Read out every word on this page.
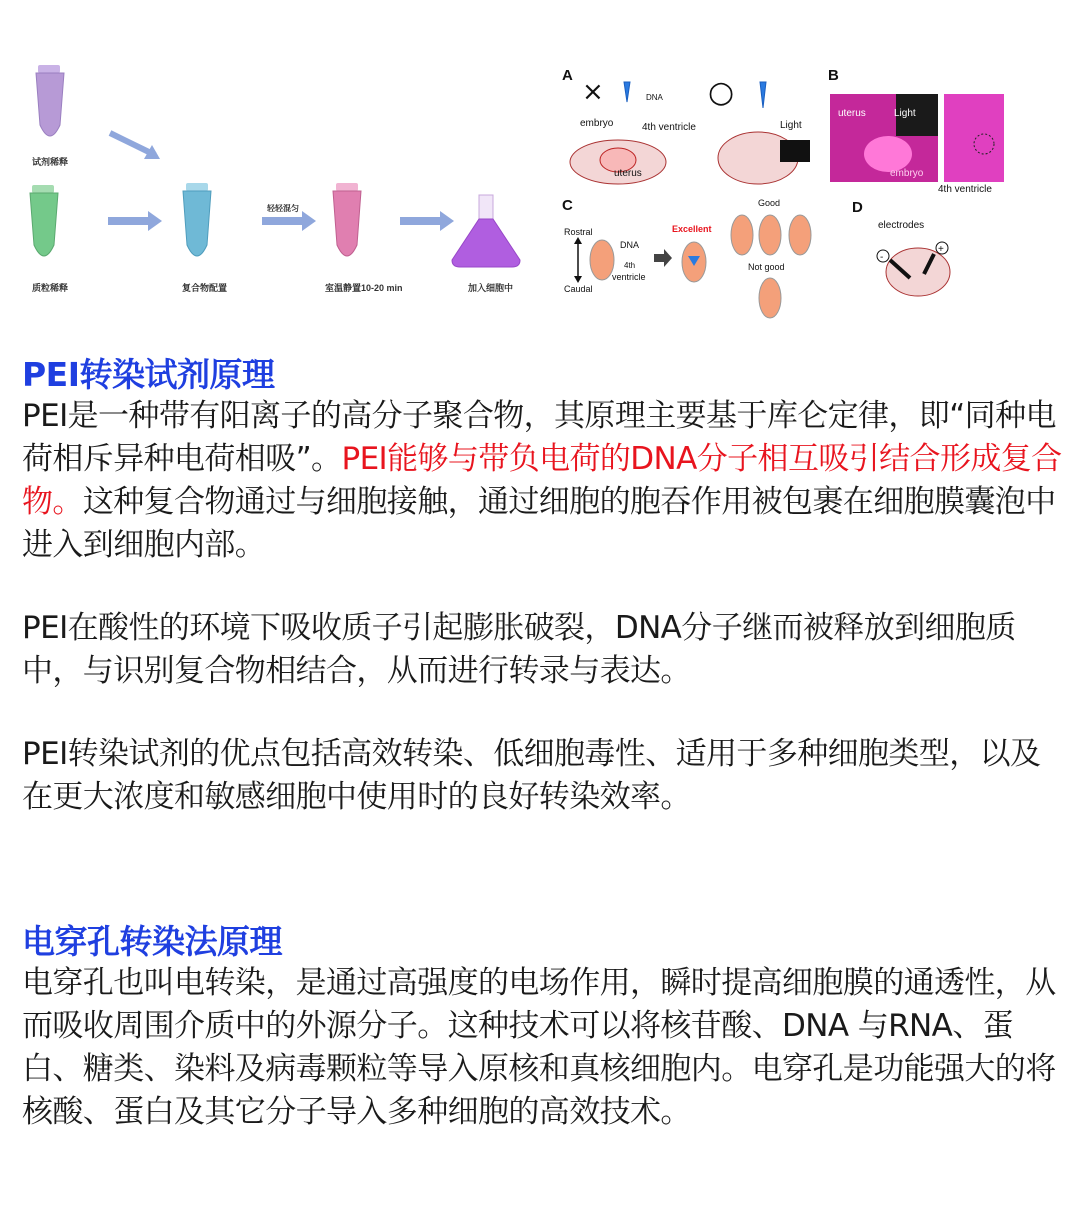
试剂稀释
质粒稀释	复合物配置
轻轻混匀
室温静置10-20 min	加入细胞中
A
×	DNA
embryo	4th ventricle
uterus
○
Light
B
uterus	Light
embryo
4th ventricle
C
Rostral
Caudal
DNA
4th
ventricle
Excellent
Good
Not good
D
electrodes
-
+
PEI转染试剂原理

PEI是一种带有阳离子的高分子聚合物，其原理主要基于库仑定律，即“同种电荷相斥异种电荷相吸”。PEI能够与带负电荷的DNA分子相互吸引结合形成复合物。这种复合物通过与细胞接触，通过细胞的胞吞作用被包裹在细胞膜囊泡中进入到细胞内部。

PEI在酸性的环境下吸收质子引起膨胀破裂，DNA分子继而被释放到细胞质中，与识别复合物相结合，从而进行转录与表达。

PEI转染试剂的优点包括高效转染、低细胞毒性、适用于多种细胞类型，以及在更大浓度和敏感细胞中使用时的良好转染效率。

电穿孔转染法原理

电穿孔也叫电转染，是通过高强度的电场作用，瞬时提高细胞膜的通透性，从而吸收周围介质中的外源分子。这种技术可以将核苷酸、DNA 与RNA、蛋白、糖类、染料及病毒颗粒等导入原核和真核细胞内。电穿孔是功能强大的将核酸、蛋白及其它分子导入多种细胞的高效技术。
